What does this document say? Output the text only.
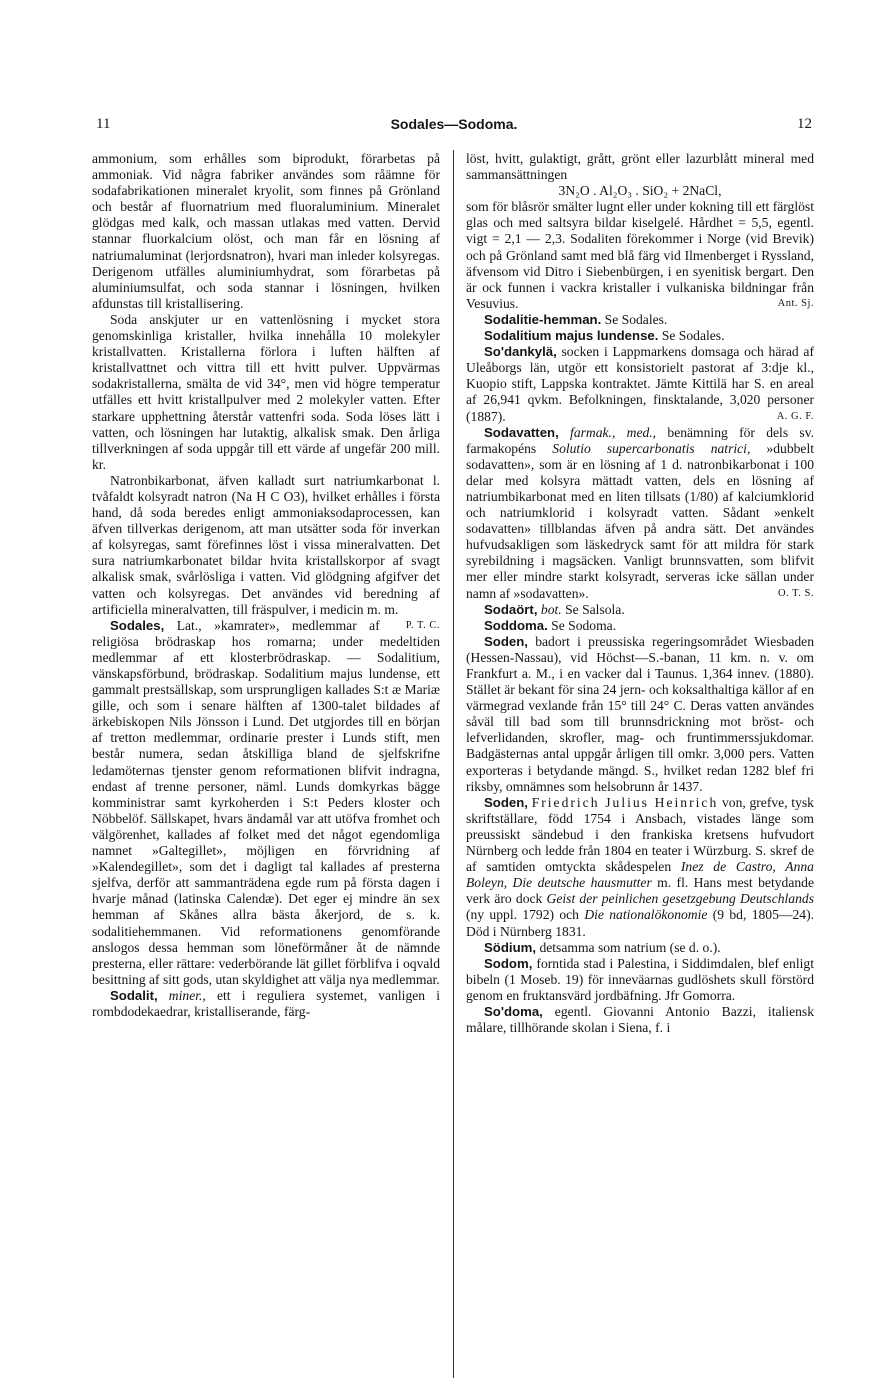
11	Sodales—Sodoma.	12

ammonium, som erhålles som biprodukt, förarbetas på ammoniak. Vid några fabriker användes som råämne för sodafabrikationen mineralet kryolit, som finnes på Grönland och består af fluornatrium med fluoraluminium. Mineralet glödgas med kalk, och massan utlakas med vatten. Dervid stannar fluorkalcium olöst, och man får en lösning af natriumaluminat (lerjordsnatron), hvari man inleder kolsyregas. Derigenom utfälles aluminiumhydrat, som förarbetas på aluminiumsulfat, och soda stannar i lösningen, hvilken afdunstas till kristallisering.

Soda anskjuter ur en vattenlösning i mycket stora genomskinliga kristaller, hvilka innehålla 10 molekyler kristallvatten. Kristallerna förlora i luften hälften af kristallvattnet och vittra till ett hvitt pulver. Uppvärmas sodakristallerna, smälta de vid 34°, men vid högre temperatur utfälles ett hvitt kristallpulver med 2 molekyler vatten. Efter starkare upphettning återstår vattenfri soda. Soda löses lätt i vatten, och lösningen har lutaktig, alkalisk smak. Den årliga tillverkningen af soda uppgår till ett värde af ungefär 200 mill. kr.

Natronbikarbonat, äfven kalladt surt natriumkarbonat l. tvåfaldt kolsyradt natron (Na H C O3), hvilket erhålles i första hand, då soda beredes enligt ammoniaksodaprocessen, kan äfven tillverkas derigenom, att man utsätter soda för inverkan af kolsyregas, samt förefinnes löst i vissa mineralvatten. Det sura natriumkarbonatet bildar hvita kristallskorpor af svagt alkalisk smak, svårlösliga i vatten. Vid glödgning afgifver det vatten och kolsyregas. Det användes vid beredning af artificiella mineralvatten, till fräspulver, i medicin m. m.
P. T. C.

Sodales, Lat., »kamrater», medlemmar af religiösa brödraskap hos romarna; under medeltiden medlemmar af ett klosterbrödraskap. — Sodalitium, vänskapsförbund, brödraskap. Sodalitium majus lundense, ett gammalt prestsällskap, som ursprungligen kallades S:t æ Mariæ gille, och som i senare hälften af 1300-talet bildades af ärkebiskopen Nils Jönsson i Lund. Det utgjordes till en början af tretton medlemmar, ordinarie prester i Lunds stift, men består numera, sedan åtskilliga bland de sjelfskrifne ledamöternas tjenster genom reformationen blifvit indragna, endast af trenne personer, näml. Lunds domkyrkas bägge komministrar samt kyrkoherden i S:t Peders kloster och Nöbbelöf. Sällskapet, hvars ändamål var att utöfva fromhet och välgörenhet, kallades af folket med det något egendomliga namnet »Galtegillet», möjligen en förvridning af »Kalendegillet», som det i dagligt tal kallades af presterna sjelfva, derför att sammanträdena egde rum på första dagen i hvarje månad (latinska Calendæ). Det eger ej mindre än sex hemman af Skånes allra bästa åkerjord, de s. k. sodalitiehemmanen. Vid reformationens genomförande anslogos dessa hemman som löneförmåner åt de nämnde presterna, eller rättare: vederbörande lät gillet förblifva i oqvald besittning af sitt gods, utan skyldighet att välja nya medlemmar.

Sodalit, miner., ett i reguliera systemet, vanligen i rombdodekaedrar, kristalliserande, färg-

löst, hvitt, gulaktigt, grått, grönt eller lazurblått mineral med sammansättningen

3N₂O . Al₂O₃ . SiO₂ + 2NaCl,

som för blåsrör smälter lugnt eller under kokning till ett färglöst glas och med saltsyra bildar kiselgelé. Hårdhet = 5,5, egentl. vigt = 2,1 — 2,3. Sodaliten förekommer i Norge (vid Brevik) och på Grönland samt med blå färg vid Ilmenberget i Ryssland, äfvensom vid Ditro i Siebenbürgen, i en syenitisk bergart. Den är ock funnen i vackra kristaller i vulkaniska bildningar från Vesuvius.	Ant. Sj.

Sodalitie-hemman. Se Sodales.

Sodalitium majus lundense. Se Sodales.

So'dankylä, socken i Lappmarkens domsaga och härad af Uleåborgs län, utgör ett konsistorielt pastorat af 3:dje kl., Kuopio stift, Lappska kontraktet. Jämte Kittilä har S. en areal af 26,941 qvkm. Befolkningen, finsktalande, 3,020 personer (1887).	A. G. F.

Sodavatten, farmak., med., benämning för dels sv. farmakopéns Solutio supercarbonatis natrici, »dubbelt sodavatten», som är en lösning af 1 d. natronbikarbonat i 100 delar med kolsyra mättadt vatten, dels en lösning af natriumbikarbonat med en liten tillsats (1/80) af kalciumklorid och natriumklorid i kolsyradt vatten. Sådant »enkelt sodavatten» tillblandas äfven på andra sätt. Det användes hufvudsakligen som läskedryck samt för att mildra för stark syrebildning i magsäcken. Vanligt brunnsvatten, som blifvit mer eller mindre starkt kolsyradt, serveras icke sällan under namn af »sodavatten».	O. T. S.

Sodaört, bot. Se Salsola.

Soddoma. Se Sodoma.

Soden, badort i preussiska regeringsområdet Wiesbaden (Hessen-Nassau), vid Höchst—S.-banan, 11 km. n. v. om Frankfurt a. M., i en vacker dal i Taunus. 1,364 innev. (1880). Stället är bekant för sina 24 jern- och koksalthaltiga källor af en värmegrad vexlande från 15° till 24° C. Deras vatten användes såväl till bad som till brunnsdrickning mot bröst- och lefverlidanden, skrofler, mag- och fruntimmerssjukdomar. Badgästernas antal uppgår årligen till omkr. 3,000 pers. Vatten exporteras i betydande mängd. S., hvilket redan 1282 blef fri riksby, omnämnes som helsobrunn år 1437.

Soden, Friedrich Julius Heinrich von, grefve, tysk skriftställare, född 1754 i Ansbach, vistades länge som preussiskt sändebud i den frankiska kretsens hufvudort Nürnberg och ledde från 1804 en teater i Würzburg. S. skref de af samtiden omtyckta skådespelen Inez de Castro, Anna Boleyn, Die deutsche hausmutter m. fl. Hans mest betydande verk äro dock Geist der peinlichen gesetzgebung Deutschlands (ny uppl. 1792) och Die nationalökonomie (9 bd, 1805—24). Död i Nürnberg 1831.

Södium, detsamma som natrium (se d. o.).

Sodom, forntida stad i Palestina, i Siddimdalen, blef enligt bibeln (1 Moseb. 19) för inneväarnas gudlöshets skull förstörd genom en fruktansvärd jordbäfning. Jfr Gomorra.

So'doma, egentl. Giovanni Antonio Bazzi, italiensk målare, tillhörande skolan i Siena, f. i
